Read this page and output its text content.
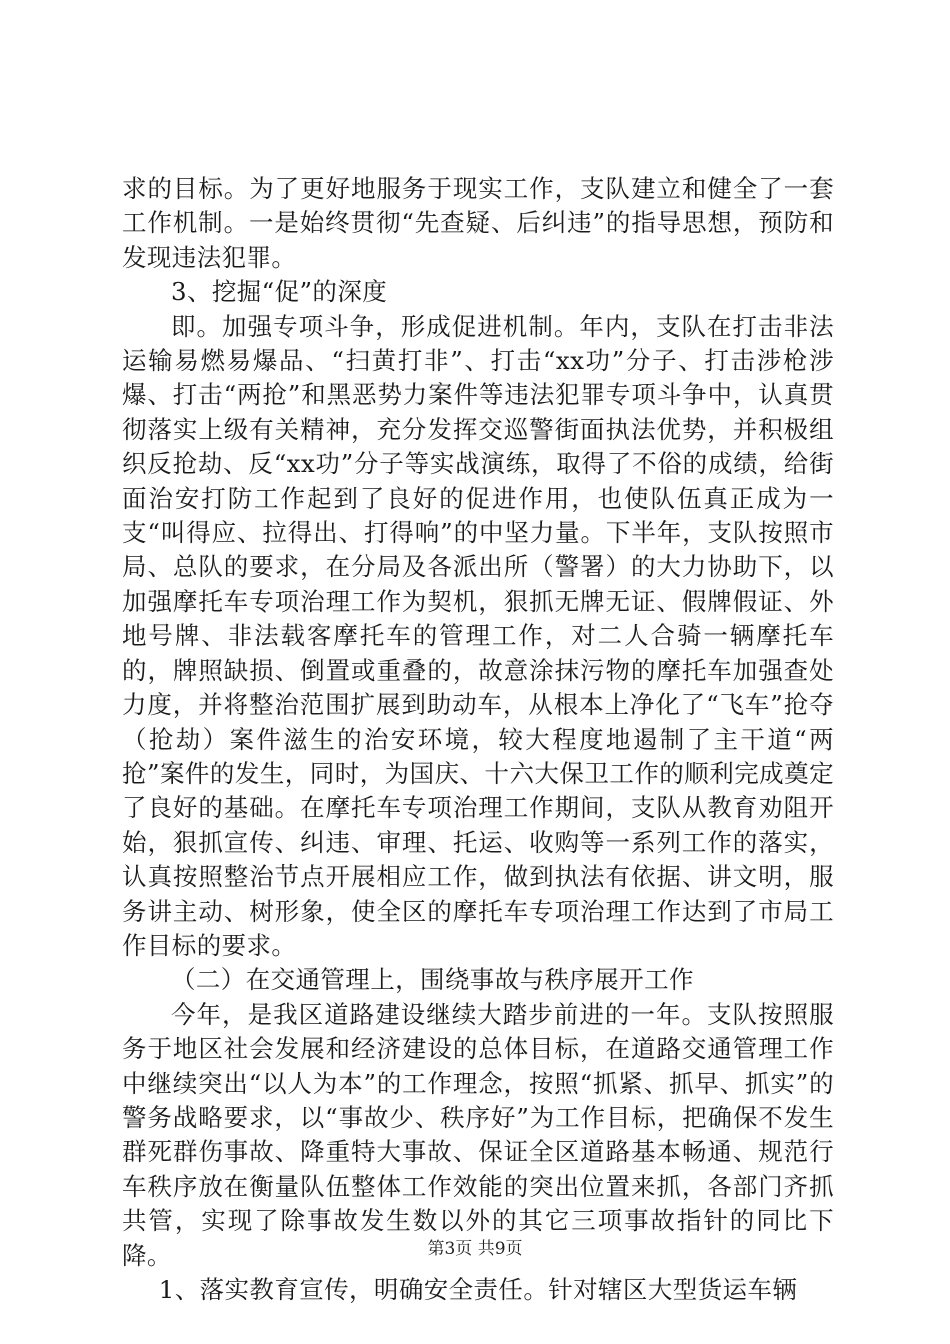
求的目标。为了更好地服务于现实工作，支队建立和健全了一套工作机制。一是始终贯彻“先查疑、后纠违”的指导思想，预防和发现违法犯罪。

3、挖掘“促”的深度

即。加强专项斗争，形成促进机制。年内，支队在打击非法运输易燃易爆品、“扫黄打非”、打击“xx功”分子、打击涉枪涉爆、打击“两抢”和黑恶势力案件等违法犯罪专项斗争中，认真贯彻落实上级有关精神，充分发挥交巡警街面执法优势，并积极组织反抢劫、反“xx功”分子等实战演练，取得了不俗的成绩，给街面治安打防工作起到了良好的促进作用，也使队伍真正成为一支“叫得应、拉得出、打得响”的中坚力量。下半年，支队按照市局、总队的要求，在分局及各派出所（警署）的大力协助下，以加强摩托车专项治理工作为契机，狠抓无牌无证、假牌假证、外地号牌、非法载客摩托车的管理工作，对二人合骑一辆摩托车的，牌照缺损、倒置或重叠的，故意涂抹污物的摩托车加强查处力度，并将整治范围扩展到助动车，从根本上净化了“飞车”抢夺（抢劫）案件滋生的治安环境，较大程度地遏制了主干道“两抢”案件的发生，同时，为国庆、十六大保卫工作的顺利完成奠定了良好的基础。在摩托车专项治理工作期间，支队从教育劝阻开始，狠抓宣传、纠违、审理、托运、收购等一系列工作的落实，认真按照整治节点开展相应工作，做到执法有依据、讲文明，服务讲主动、树形象，使全区的摩托车专项治理工作达到了市局工作目标的要求。

（二）在交通管理上，围绕事故与秩序展开工作

今年，是我区道路建设继续大踏步前进的一年。支队按照服务于地区社会发展和经济建设的总体目标，在道路交通管理工作中继续突出“以人为本”的工作理念，按照“抓紧、抓早、抓实”的警务战略要求，以“事故少、秩序好”为工作目标，把确保不发生群死群伤事故、降重特大事故、保证全区道路基本畅通、规范行车秩序放在衡量队伍整体工作效能的突出位置来抓，各部门齐抓共管，实现了除事故发生数以外的其它三项事故指针的同比下降。

1、落实教育宣传，明确安全责任。针对辖区大型货运车辆

第3页 共9页
